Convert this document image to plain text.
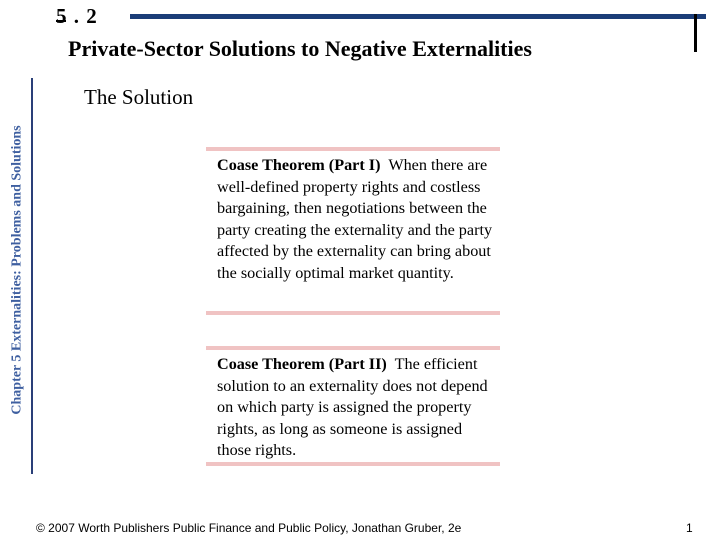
Chapter 5 Externalities: Problems and Solutions
5 . 2
Private-Sector Solutions to Negative Externalities
The Solution
Coase Theorem (Part I) When there are well-defined property rights and costless bargaining, then negotiations between the party creating the externality and the party affected by the externality can bring about the socially optimal market quantity.
Coase Theorem (Part II) The efficient solution to an externality does not depend on which party is assigned the property rights, as long as someone is assigned those rights.
© 2007 Worth Publishers Public Finance and Public Policy, Jonathan Gruber, 2e	1
